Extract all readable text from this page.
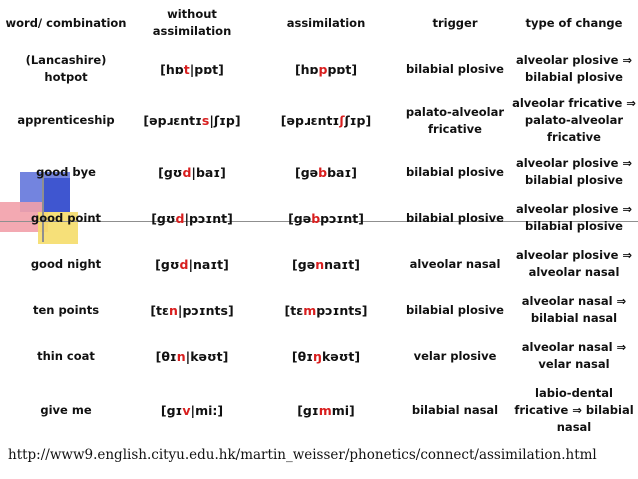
word/ combination	without assimilation	assimilation	trigger	type of change
(Lancashire) hotpot	[hɒt|pɒt]	[hɒppɒt]	bilabial plosive	alveolar plosive ⇒ bilabial plosive
apprenticeship	[əpɹɛntɪs|ʃɪp]	[əpɹɛntɪʃʃɪp]	palato-alveolar fricative	alveolar fricative ⇒ palato-alveolar fricative
good bye	[gʊd|baɪ]	[gəbbaɪ]	bilabial plosive	alveolar plosive ⇒ bilabial plosive
good point	[gʊd|pɔɪnt]	[gəbpɔɪnt]	bilabial plosive	alveolar plosive ⇒ bilabial plosive
good night	[gʊd|naɪt]	[gənnaɪt]	alveolar nasal	alveolar plosive ⇒ alveolar nasal
ten points	[tɛn|pɔɪnts]	[tɛmpɔɪnts]	bilabial plosive	alveolar nasal ⇒ bilabial nasal
thin coat	[θɪn|kəʊt]	[θɪŋkəʊt]	velar plosive	alveolar nasal ⇒ velar nasal
give me	[gɪv|mi:]	[gɪmmi]	bilabial nasal	labio-dental fricative ⇒ bilabial nasal
http://www9.english.cityu.edu.hk/martin_weisser/phonetics/connect/assimilation.html
